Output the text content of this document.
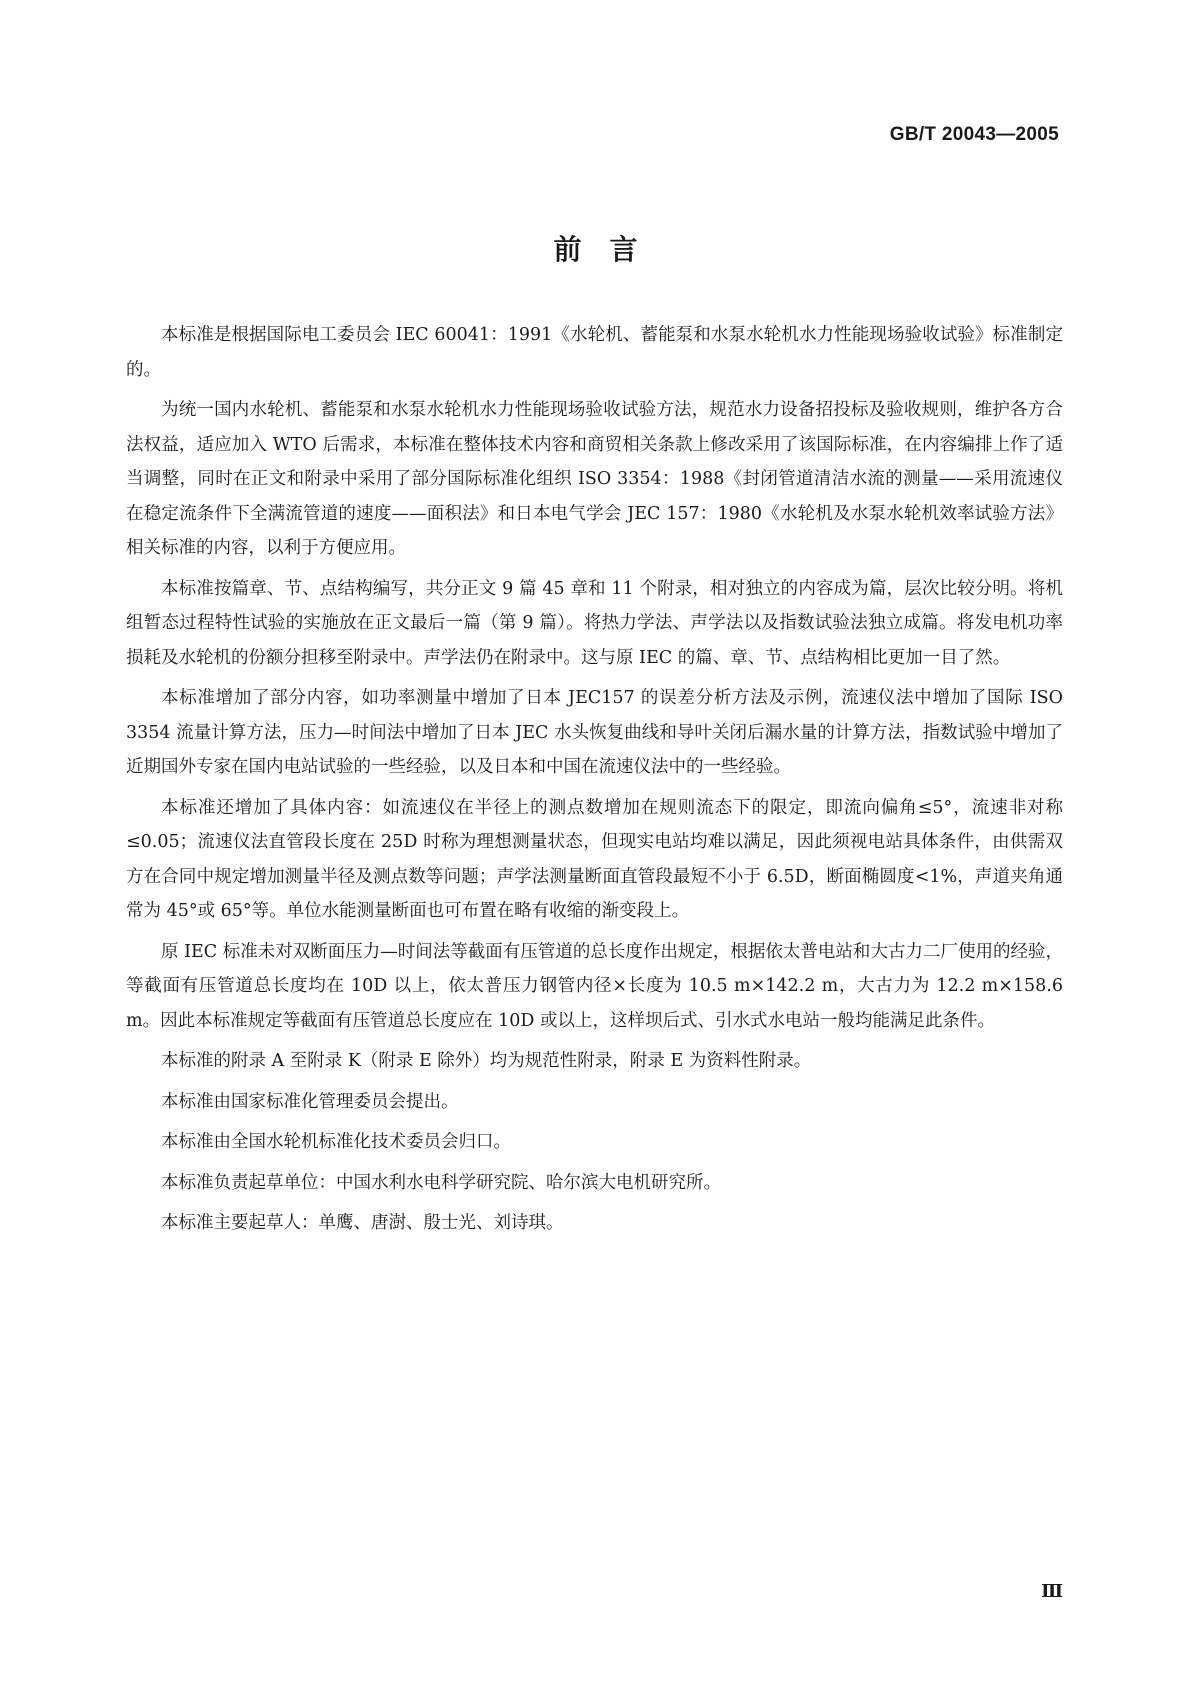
GB/T 20043—2005
前言

本标准是根据国际电工委员会 IEC 60041：1991《水轮机、蓄能泵和水泵水轮机水力性能现场验收试验》标准制定的。

为统一国内水轮机、蓄能泵和水泵水轮机水力性能现场验收试验方法，规范水力设备招投标及验收规则，维护各方合法权益，适应加入 WTO 后需求，本标准在整体技术内容和商贸相关条款上修改采用了该国际标准，在内容编排上作了适当调整，同时在正文和附录中采用了部分国际标准化组织 ISO 3354：1988《封闭管道清洁水流的测量——采用流速仪在稳定流条件下全满流管道的速度——面积法》和日本电气学会 JEC 157：1980《水轮机及水泵水轮机效率试验方法》相关标准的内容，以利于方便应用。

本标准按篇章、节、点结构编写，共分正文 9 篇 45 章和 11 个附录，相对独立的内容成为篇，层次比较分明。将机组暂态过程特性试验的实施放在正文最后一篇（第 9 篇）。将热力学法、声学法以及指数试验法独立成篇。将发电机功率损耗及水轮机的份额分担移至附录中。声学法仍在附录中。这与原 IEC 的篇、章、节、点结构相比更加一目了然。

本标准增加了部分内容，如功率测量中增加了日本 JEC157 的误差分析方法及示例，流速仪法中增加了国际 ISO 3354 流量计算方法，压力—时间法中增加了日本 JEC 水头恢复曲线和导叶关闭后漏水量的计算方法，指数试验中增加了近期国外专家在国内电站试验的一些经验，以及日本和中国在流速仪法中的一些经验。

本标准还增加了具体内容：如流速仪在半径上的测点数增加在规则流态下的限定，即流向偏角≤5°，流速非对称≤0.05；流速仪法直管段长度在 25D 时称为理想测量状态，但现实电站均难以满足，因此须视电站具体条件，由供需双方在合同中规定增加测量半径及测点数等问题；声学法测量断面直管段最短不小于 6.5D，断面椭圆度<1%，声道夹角通常为 45°或 65°等。单位水能测量断面也可布置在略有收缩的渐变段上。

原 IEC 标准未对双断面压力—时间法等截面有压管道的总长度作出规定，根据依太普电站和大古力二厂使用的经验，等截面有压管道总长度均在 10D 以上，依太普压力钢管内径×长度为 10.5 m×142.2 m，大古力为 12.2 m×158.6 m。因此本标准规定等截面有压管道总长度应在 10D 或以上，这样坝后式、引水式水电站一般均能满足此条件。

本标准的附录 A 至附录 K（附录 E 除外）均为规范性附录，附录 E 为资料性附录。

本标准由国家标准化管理委员会提出。

本标准由全国水轮机标准化技术委员会归口。

本标准负责起草单位：中国水利水电科学研究院、哈尔滨大电机研究所。

本标准主要起草人：单鹰、唐澍、殷士光、刘诗琪。

Ⅲ
